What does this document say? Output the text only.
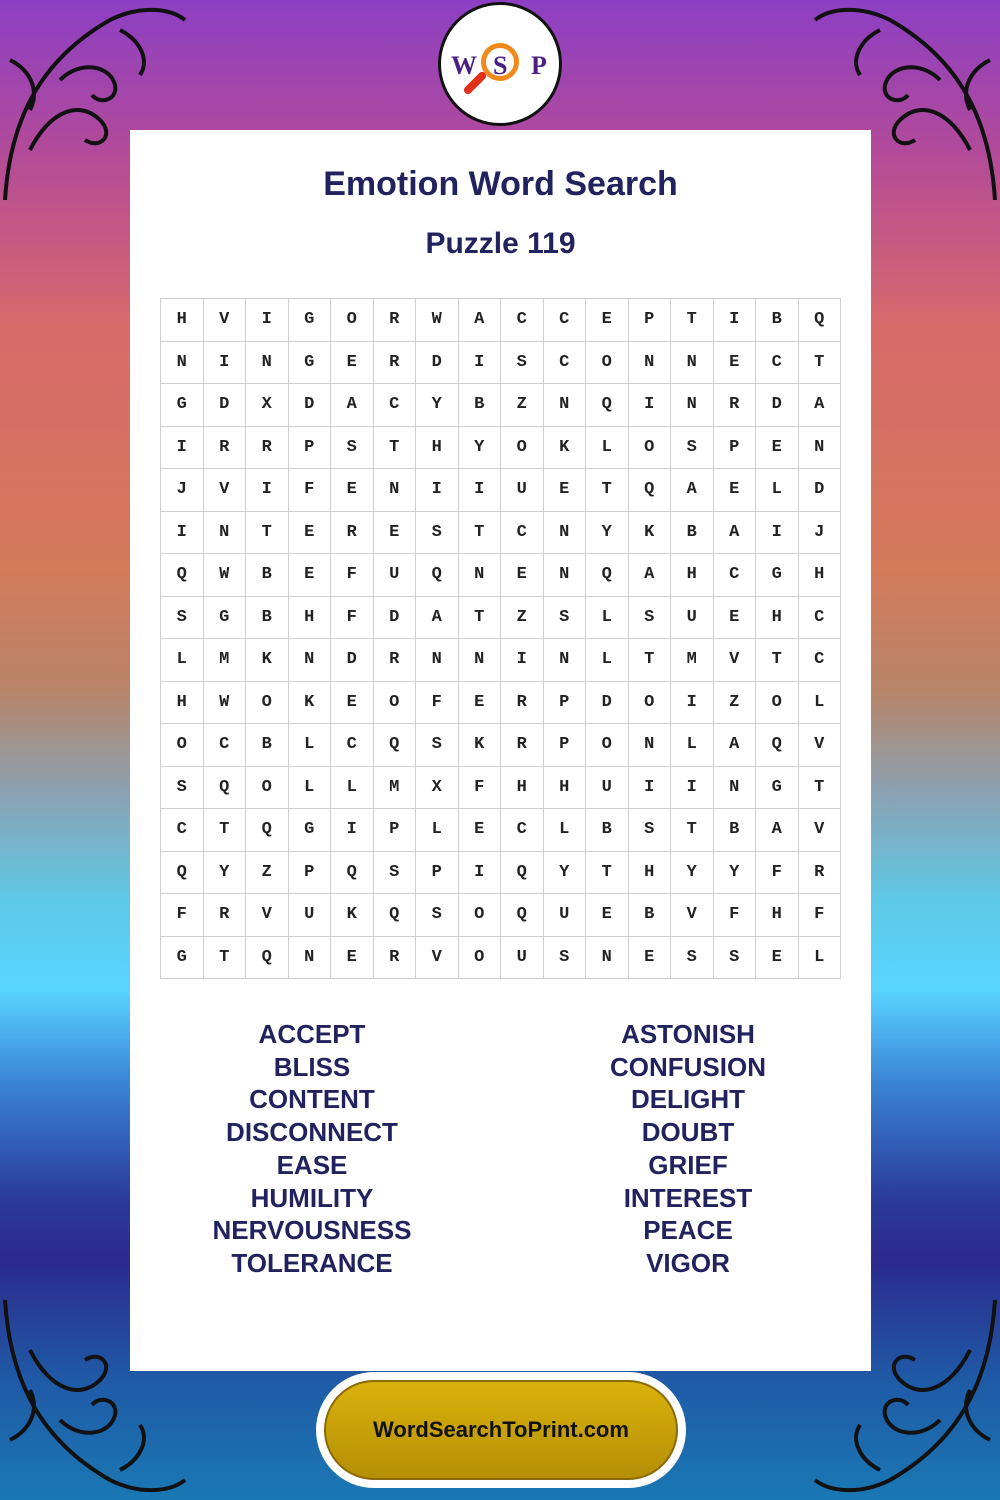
W S P
Emotion Word Search
Puzzle 119
H	V	I	G	O	R	W	A	C	C	E	P	T	I	B	Q
N	I	N	G	E	R	D	I	S	C	O	N	N	E	C	T
G	D	X	D	A	C	Y	B	Z	N	Q	I	N	R	D	A
I	R	R	P	S	T	H	Y	O	K	L	O	S	P	E	N
J	V	I	F	E	N	I	I	U	E	T	Q	A	E	L	D
I	N	T	E	R	E	S	T	C	N	Y	K	B	A	I	J
Q	W	B	E	F	U	Q	N	E	N	Q	A	H	C	G	H
S	G	B	H	F	D	A	T	Z	S	L	S	U	E	H	C
L	M	K	N	D	R	N	N	I	N	L	T	M	V	T	C
H	W	O	K	E	O	F	E	R	P	D	O	I	Z	O	L
O	C	B	L	C	Q	S	K	R	P	O	N	L	A	Q	V
S	Q	O	L	L	M	X	F	H	H	U	I	I	N	G	T
C	T	Q	G	I	P	L	E	C	L	B	S	T	B	A	V
Q	Y	Z	P	Q	S	P	I	Q	Y	T	H	Y	Y	F	R
F	R	V	U	K	Q	S	O	Q	U	E	B	V	F	H	F
G	T	Q	N	E	R	V	O	U	S	N	E	S	S	E	L
ACCEPT
BLISS
CONTENT
DISCONNECT
EASE
HUMILITY
NERVOUSNESS
TOLERANCE
ASTONISH
CONFUSION
DELIGHT
DOUBT
GRIEF
INTEREST
PEACE
VIGOR
WordSearchToPrint.com
